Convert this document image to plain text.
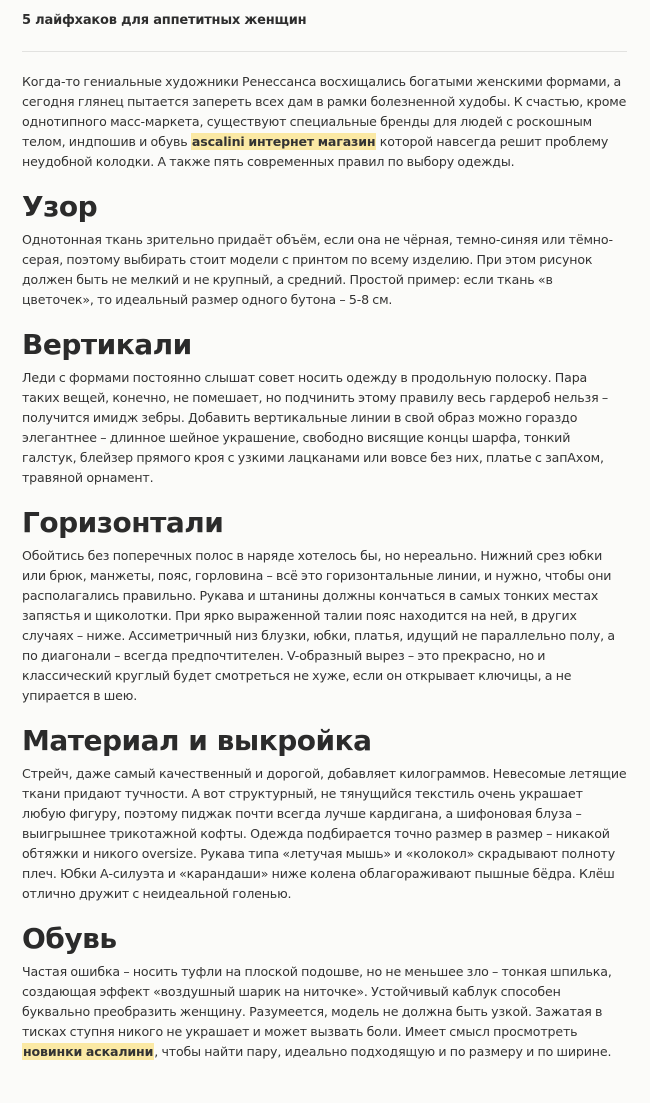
5 лайфхаков для аппетитных женщин

Когда-то гениальные художники Ренессанса восхищались богатыми женскими формами, а сегодня глянец пытается запереть всех дам в рамки болезненной худобы. К счастью, кроме однотипного масс-маркета, существуют специальные бренды для людей с роскошным телом, индпошив и обувь ascalini интернет магазин которой навсегда решит проблему неудобной колодки. А также пять современных правил по выбору одежды.

Узор

Однотонная ткань зрительно придаёт объём, если она не чёрная, темно-синяя или тёмно-серая, поэтому выбирать стоит модели с принтом по всему изделию. При этом рисунок должен быть не мелкий и не крупный, а средний. Простой пример: если ткань «в цветочек», то идеальный размер одного бутона – 5-8 см.

Вертикали

Леди с формами постоянно слышат совет носить одежду в продольную полоску. Пара таких вещей, конечно, не помешает, но подчинить этому правилу весь гардероб нельзя – получится имидж зебры. Добавить вертикальные линии в свой образ можно гораздо элегантнее – длинное шейное украшение, свободно висящие концы шарфа, тонкий галстук, блейзер прямого кроя с узкими лацканами или вовсе без них, платье с запАхом, травяной орнамент.

Горизонтали

Обойтись без поперечных полос в наряде хотелось бы, но нереально. Нижний срез юбки или брюк, манжеты, пояс, горловина – всё это горизонтальные линии, и нужно, чтобы они располагались правильно. Рукава и штанины должны кончаться в самых тонких местах запястья и щиколотки. При ярко выраженной талии пояс находится на ней, в других случаях – ниже. Ассиметричный низ блузки, юбки, платья, идущий не параллельно полу, а по диагонали – всегда предпочтителен. V-образный вырез – это прекрасно, но и классический круглый будет смотреться не хуже, если он открывает ключицы, а не упирается в шею.

Материал и выкройка

Стрейч, даже самый качественный и дорогой, добавляет килограммов. Невесомые летящие ткани придают тучности. А вот структурный, не тянущийся текстиль очень украшает любую фигуру, поэтому пиджак почти всегда лучше кардигана, а шифоновая блуза – выигрышнее трикотажной кофты. Одежда подбирается точно размер в размер – никакой обтяжки и никого oversize. Рукава типа «летучая мышь» и «колокол» скрадывают полноту плеч. Юбки А-силуэта и «карандаши» ниже колена облагораживают пышные бёдра. Клёш отлично дружит с неидеальной голенью.

Обувь

Частая ошибка – носить туфли на плоской подошве, но не меньшее зло – тонкая шпилька, создающая эффект «воздушный шарик на ниточке». Устойчивый каблук способен буквально преобразить женщину. Разумеется, модель не должна быть узкой. Зажатая в тисках ступня никого не украшает и может вызвать боли. Имеет смысл просмотреть новинки аскалини, чтобы найти пару, идеально подходящую и по размеру и по ширине.
